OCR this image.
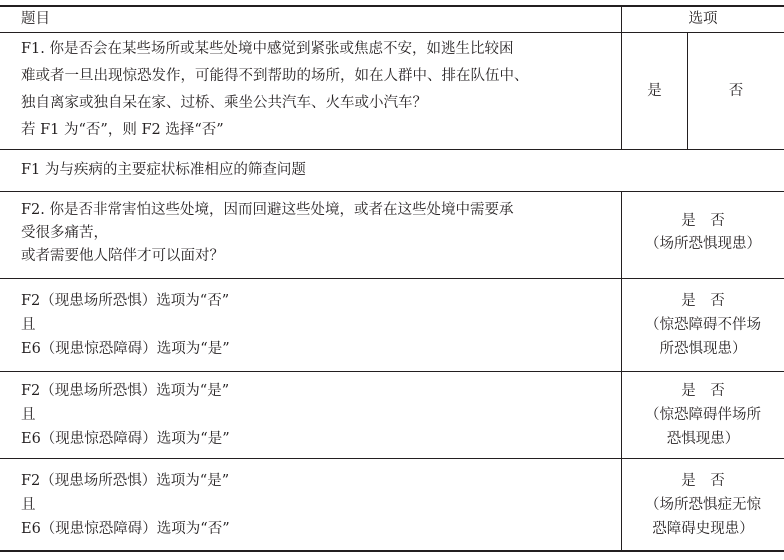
题目	选项
F1. 你是否会在某些场所或某些处境中感觉到紧张或焦虑不安，如逃生比较困
难或者一旦出现惊恐发作，可能得不到帮助的场所，如在人群中、排在队伍中、
独自离家或独自呆在家、过桥、乘坐公共汽车、火车或小汽车？
若 F1 为“否”，则 F2 选择“否”
是	否
F1 为与疾病的主要症状标准相应的筛查问题
F2. 你是否非常害怕这些处境，因而回避这些处境，或者在这些处境中需要承
受很多痛苦，
或者需要他人陪伴才可以面对？
是　否
（场所恐惧现患）
F2（现患场所恐惧）选项为“否”
且
E6（现患惊恐障碍）选项为“是”
是　否
（惊恐障碍不伴场
所恐惧现患）
F2（现患场所恐惧）选项为“是”
且
E6（现患惊恐障碍）选项为“是”
是　否
（惊恐障碍伴场所
恐惧现患）
F2（现患场所恐惧）选项为“是”
且
E6（现患惊恐障碍）选项为“否”
是　否
（场所恐惧症无惊
恐障碍史现患）
